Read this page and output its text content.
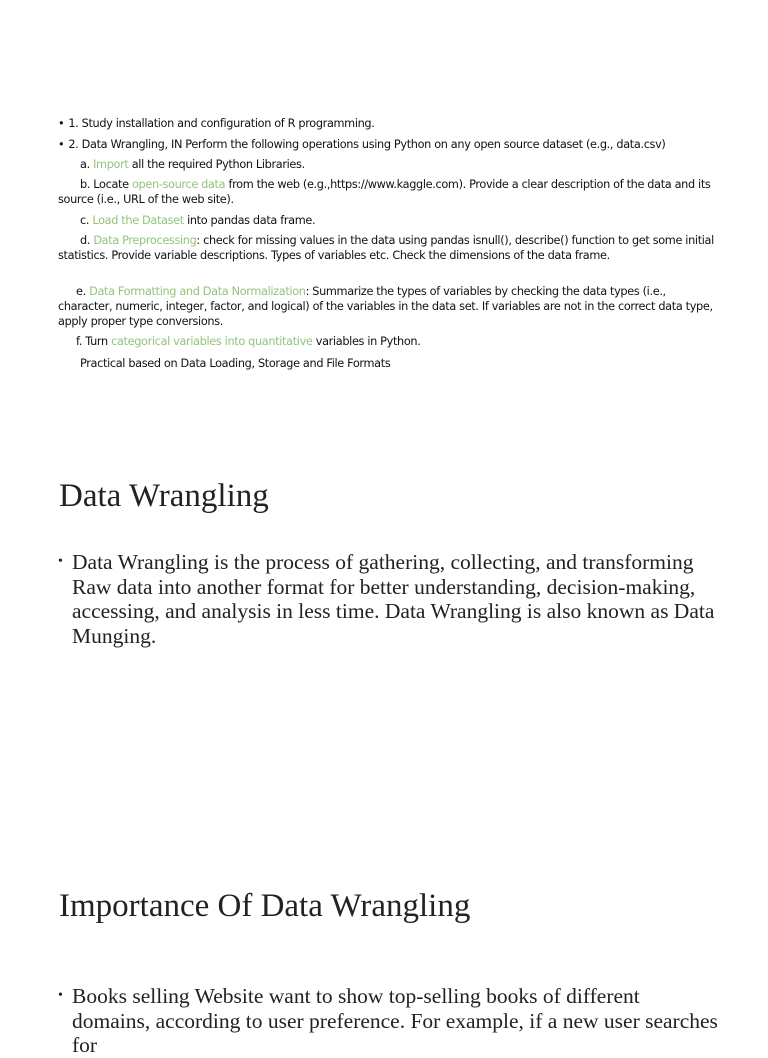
• 1. Study installation and configuration of R programming.
• 2. Data Wrangling, IN Perform the following operations using Python on any open source dataset (e.g., data.csv)
a. Import all the required Python Libraries.
b. Locate open-source data from the web (e.g.,https://www.kaggle.com). Provide a clear description of the data and its source (i.e., URL of the web site).
c. Load the Dataset into pandas data frame.
d. Data Preprocessing: check for missing values in the data using pandas isnull(), describe() function to get some initial statistics. Provide variable descriptions. Types of variables etc. Check the dimensions of the data frame.
e. Data Formatting and Data Normalization: Summarize the types of variables by checking the data types (i.e., character, numeric, integer, factor, and logical) of the variables in the data set. If variables are not in the correct data type, apply proper type conversions.
f. Turn categorical variables into quantitative variables in Python.
Practical based on Data Loading, Storage and File Formats
Data Wrangling
• Data Wrangling is the process of gathering, collecting, and transforming Raw data into another format for better understanding, decision-making, accessing, and analysis in less time. Data Wrangling is also known as Data Munging.
Importance Of Data Wrangling
• Books selling Website want to show top-selling books of different domains, according to user preference. For example, if a new user searches for
